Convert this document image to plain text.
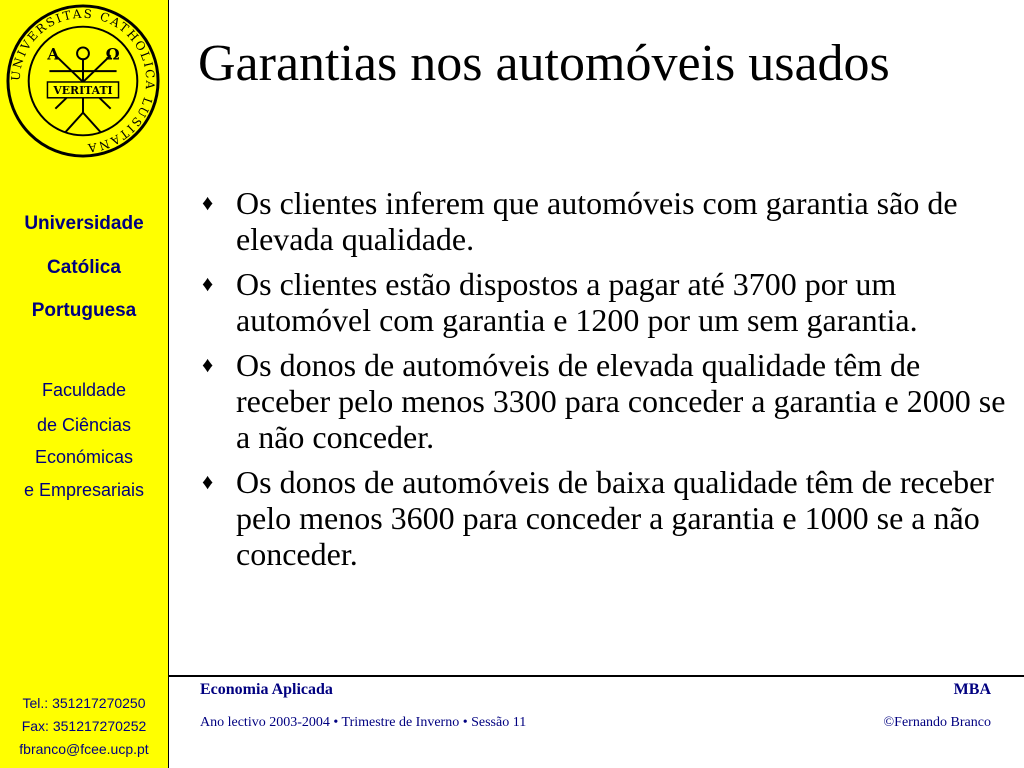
UNIVERSITAS CATHOLICA LUSITANA
VERITATI
A	Ω
Universidade
Católica
Portuguesa
Faculdade
de Ciências
Económicas
e Empresariais
Tel.: 351217270250
Fax: 351217270252
fbranco@fcee.ucp.pt
Garantias nos automóveis usados
♦ Os clientes inferem que automóveis com garantia são de elevada qualidade.
♦ Os clientes estão dispostos a pagar até 3700 por um automóvel com garantia e 1200 por um sem garantia.
♦ Os donos de automóveis de elevada qualidade têm de receber pelo menos 3300 para conceder a garantia e 2000 se a não conceder.
♦ Os donos de automóveis de baixa qualidade têm de receber pelo menos 3600 para conceder a garantia e 1000 se a não conceder.
Economia Aplicada	MBA
Ano lectivo 2003-2004 • Trimestre de Inverno • Sessão 11	©Fernando Branco
